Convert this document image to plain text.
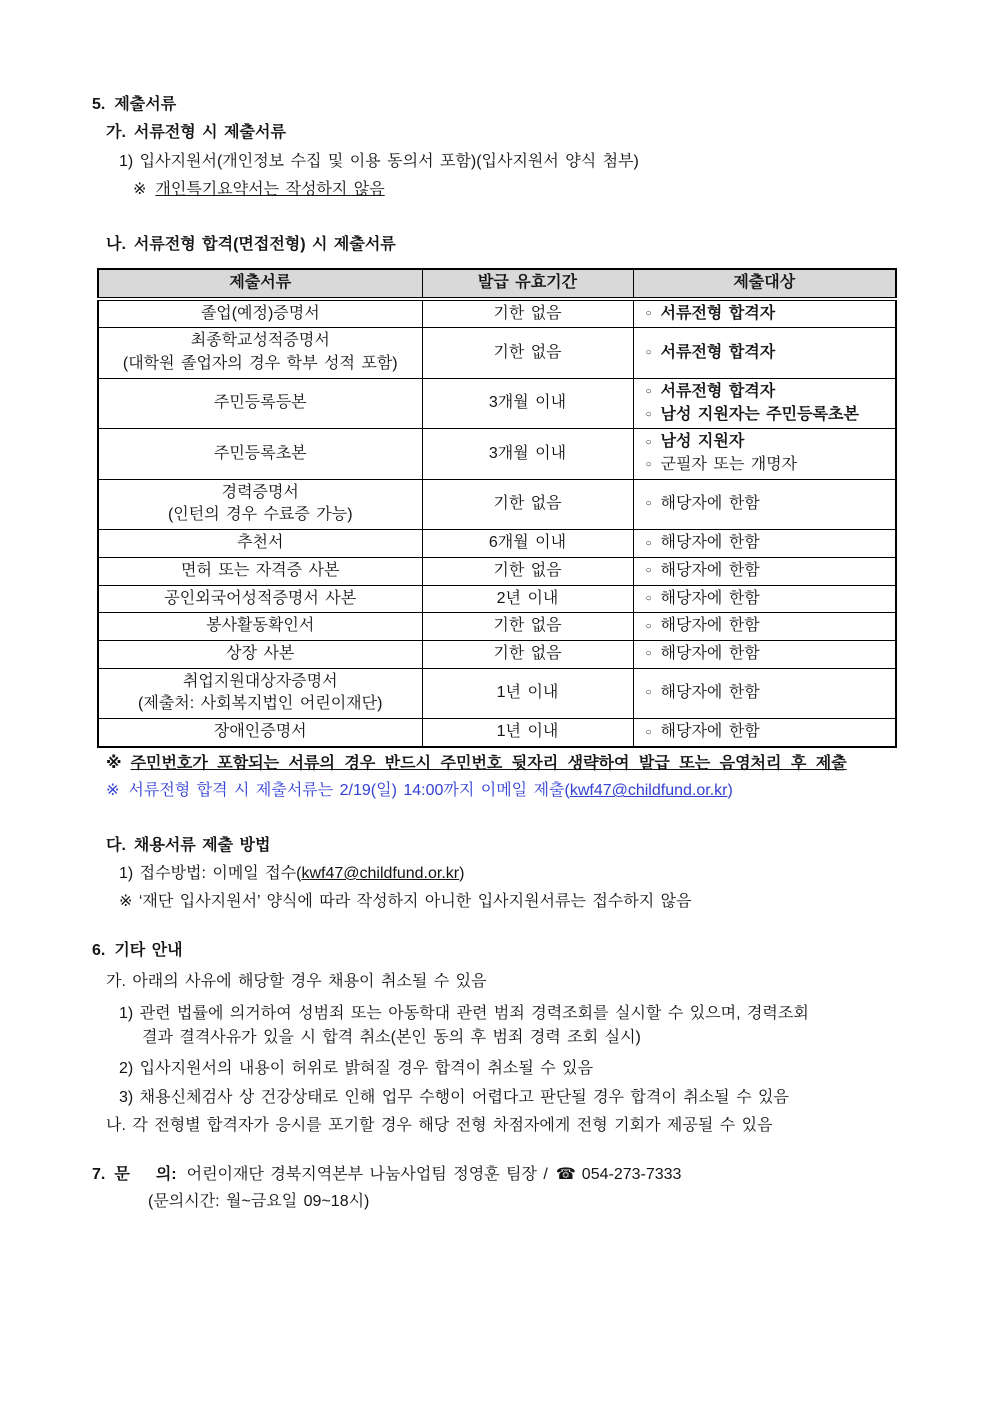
5. 제출서류
가. 서류전형 시 제출서류
1) 입사지원서(개인정보 수집 및 이용 동의서 포함)(입사지원서 양식 첨부)
※ 개인특기요약서는 작성하지 않음
나. 서류전형 합격(면접전형) 시 제출서류
제출서류	발급 유효기간	제출대상

졸업(예정)증명서	기한 없음	○ 서류전형 합격자

최종학교성적증명서
(대학원 졸업자의 경우 학부 성적 포함)
	기한 없음	○ 서류전형 합격자

주민등록등본	3개월 이내	○ 서류전형 합격자
○ 남성 지원자는 주민등록초본

주민등록초본	3개월 이내	○ 남성 지원자
○ 군필자 또는 개명자

경력증명서
(인턴의 경우 수료증 가능)
	기한 없음	○ 해당자에 한함

추천서	6개월 이내	○ 해당자에 한함

면허 또는 자격증 사본	기한 없음	○ 해당자에 한함

공인외국어성적증명서 사본	2년 이내	○ 해당자에 한함

봉사활동확인서	기한 없음	○ 해당자에 한함

상장 사본	기한 없음	○ 해당자에 한함

취업지원대상자증명서
(제출처: 사회복지법인 어린이재단)
	1년 이내	○ 해당자에 한함

장애인증명서	1년 이내	○ 해당자에 한함
※ 주민번호가 포함되는 서류의 경우 반드시 주민번호 뒷자리 생략하여 발급 또는 음영처리 후 제출
※ 서류전형 합격 시 제출서류는 2/19(일) 14:00까지 이메일 제출(kwf47@childfund.or.kr)
다. 채용서류 제출 방법
1) 접수방법: 이메일 접수(kwf47@childfund.or.kr)
※ ‘재단 입사지원서’ 양식에 따라 작성하지 아니한 입사지원서류는 접수하지 않음
6. 기타 안내
가. 아래의 사유에 해당할 경우 채용이 취소될 수 있음
1) 관련 법률에 의거하여 성범죄 또는 아동학대 관련 범죄 경력조회를 실시할 수 있으며, 경력조회
결과 결격사유가 있을 시 합격 취소(본인 동의 후 범죄 경력 조회 실시)
2) 입사지원서의 내용이 허위로 밝혀질 경우 합격이 취소될 수 있음
3) 채용신체검사 상 건강상태로 인해 업무 수행이 어렵다고 판단될 경우 합격이 취소될 수 있음
나. 각 전형별 합격자가 응시를 포기할 경우 해당 전형 차점자에게 전형 기회가 제공될 수 있음
7. 문 의: 어린이재단 경북지역본부 나눔사업팀 정영훈 팀장 / ☎ 054-273-7333
(문의시간: 월~금요일 09~18시)
